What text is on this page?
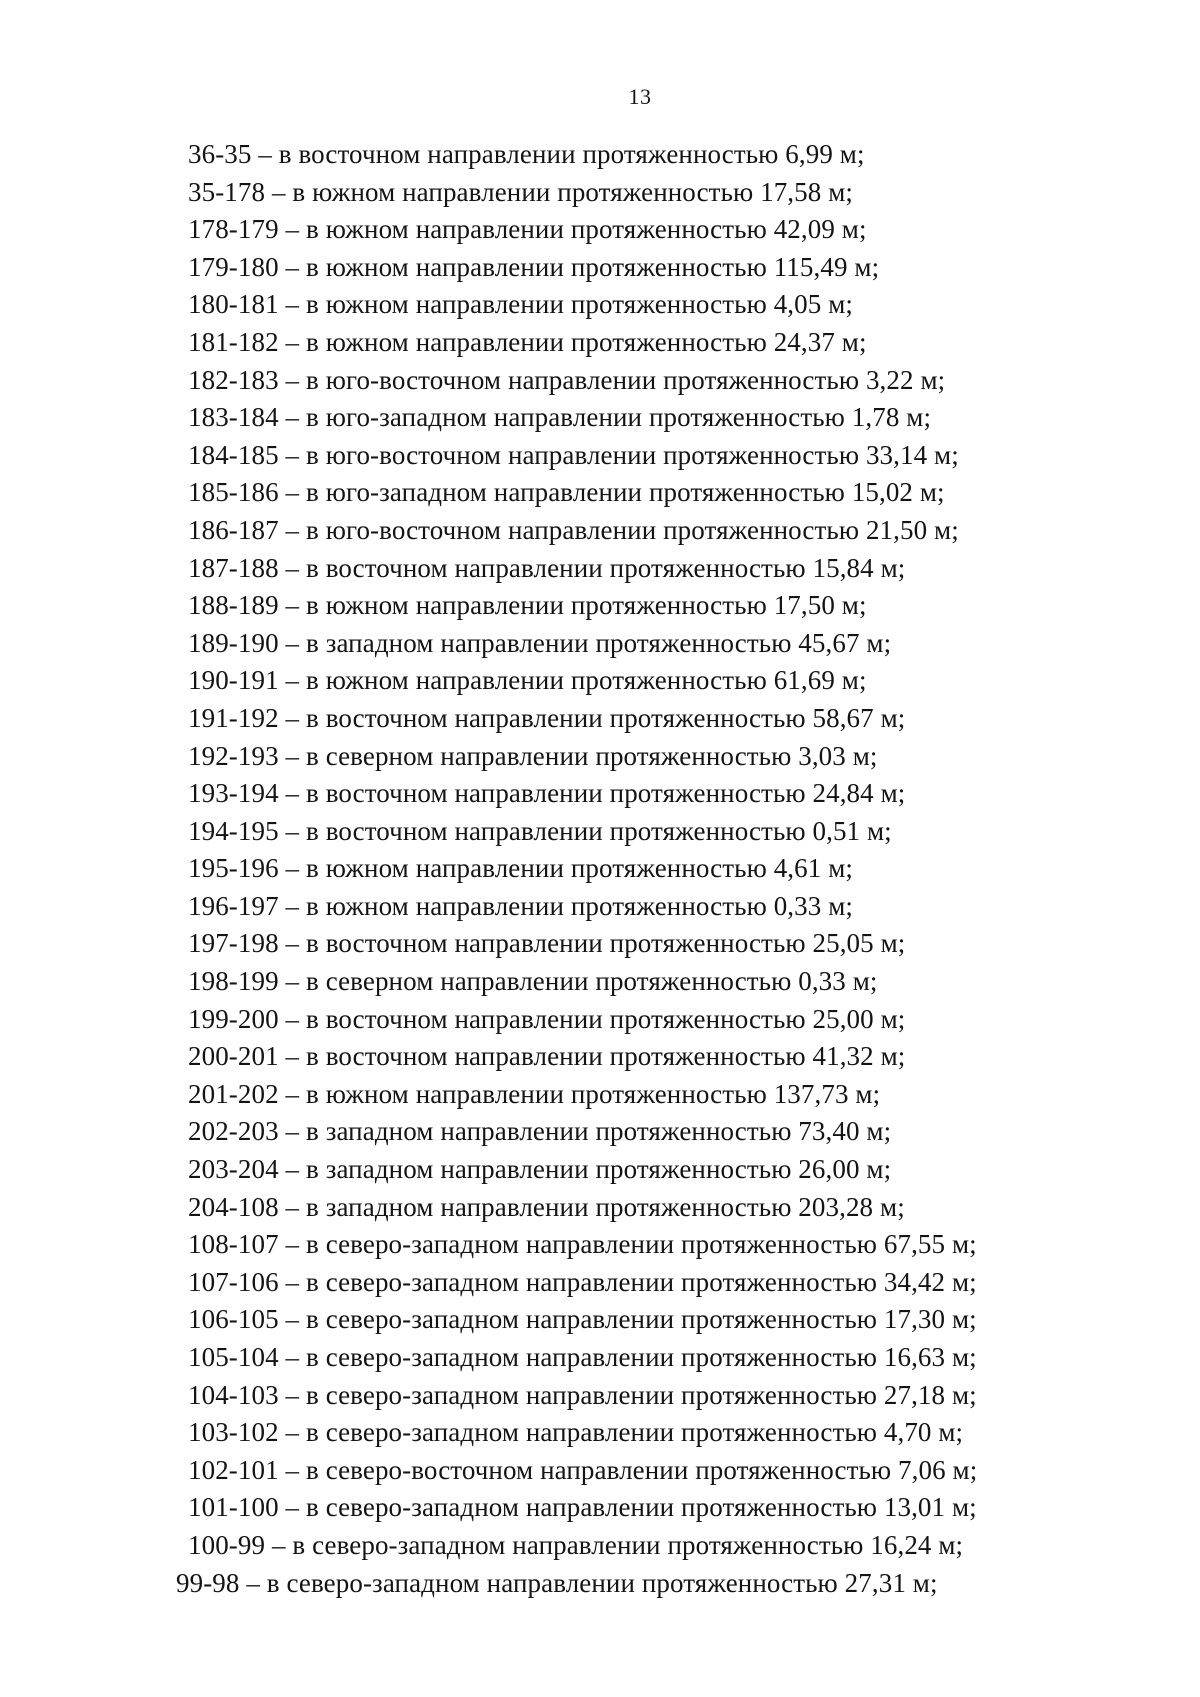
13
36-35 – в восточном направлении протяженностью 6,99 м;
35-178 – в южном направлении протяженностью 17,58 м;
178-179 – в южном направлении протяженностью 42,09 м;
179-180 – в южном направлении протяженностью 115,49 м;
180-181 – в южном направлении протяженностью 4,05 м;
181-182 – в южном направлении протяженностью 24,37 м;
182-183 – в юго-восточном направлении протяженностью 3,22 м;
183-184 – в юго-западном направлении протяженностью 1,78 м;
184-185 – в юго-восточном направлении протяженностью 33,14 м;
185-186 – в юго-западном направлении протяженностью 15,02 м;
186-187 – в юго-восточном направлении протяженностью 21,50 м;
187-188 – в восточном направлении протяженностью 15,84 м;
188-189 – в южном направлении протяженностью 17,50 м;
189-190 – в западном направлении протяженностью 45,67 м;
190-191 – в южном направлении протяженностью 61,69 м;
191-192 – в восточном направлении протяженностью 58,67 м;
192-193 – в северном направлении протяженностью 3,03 м;
193-194 – в восточном направлении протяженностью 24,84 м;
194-195 – в восточном направлении протяженностью 0,51 м;
195-196 – в южном направлении протяженностью 4,61 м;
196-197 – в южном направлении протяженностью 0,33 м;
197-198 – в восточном направлении протяженностью 25,05 м;
198-199 – в северном направлении протяженностью 0,33 м;
199-200 – в восточном направлении протяженностью 25,00 м;
200-201 – в восточном направлении протяженностью 41,32 м;
201-202 – в южном направлении протяженностью 137,73 м;
202-203 – в западном направлении протяженностью 73,40 м;
203-204 – в западном направлении протяженностью 26,00 м;
204-108 – в западном направлении протяженностью 203,28 м;
108-107 – в северо-западном направлении протяженностью 67,55 м;
107-106 – в северо-западном направлении протяженностью 34,42 м;
106-105 – в северо-западном направлении протяженностью 17,30 м;
105-104 – в северо-западном направлении протяженностью 16,63 м;
104-103 – в северо-западном направлении протяженностью 27,18 м;
103-102 – в северо-западном направлении протяженностью 4,70 м;
102-101 – в северо-восточном направлении протяженностью 7,06 м;
101-100 – в северо-западном направлении протяженностью 13,01 м;
100-99 – в северо-западном направлении протяженностью 16,24 м;
99-98 – в северо-западном направлении протяженностью 27,31 м;
